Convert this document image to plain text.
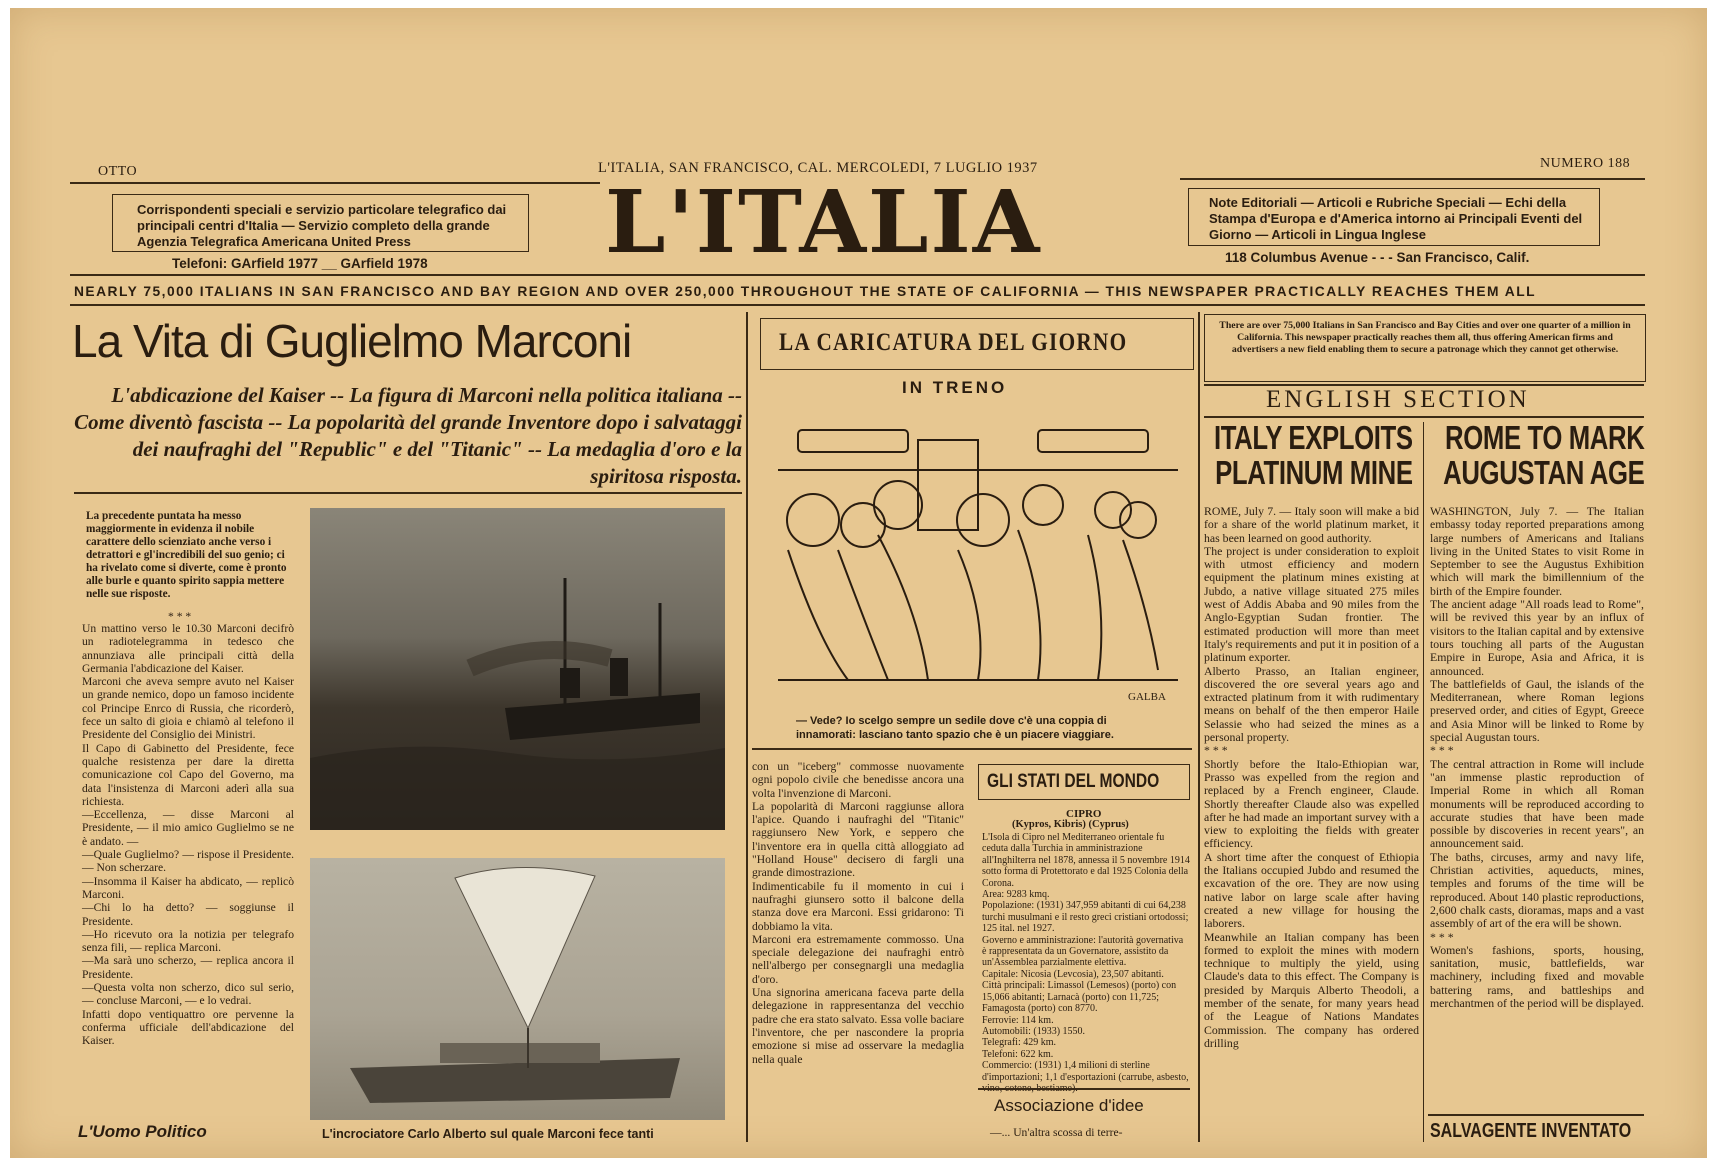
OTTO	L'ITALIA, SAN FRANCISCO, CAL. MERCOLEDI, 7 LUGLIO 1937	NUMERO 188
Corrispondenti speciali e servizio particolare telegrafico dai principali centri d'Italia — Servizio completo della grande Agenzia Telegrafica Americana United Press
Telefoni: GArfield 1977 __ GArfield 1978 L'ITALIA	Note Editoriali — Articoli e Rubriche Speciali — Echi della Stampa d'Europa e d'America intorno ai Principali Eventi del Giorno — Articoli in Lingua Inglese
118 Columbus Avenue - - - San Francisco, Calif.
NEARLY 75,000 ITALIANS IN SAN FRANCISCO AND BAY REGION AND OVER 250,000 THROUGHOUT THE STATE OF CALIFORNIA — THIS NEWSPAPER PRACTICALLY REACHES THEM ALL
La Vita di Guglielmo Marconi
L'abdicazione del Kaiser -- La figura di Marconi nella politica italiana -- Come diventò fascista -- La popolarità del grande Inventore dopo i salvataggi dei naufraghi del "Republic" e del "Titanic" -- La medaglia d'oro e la spiritosa risposta.
La precedente puntata ha messo maggiormente in evidenza il nobile carattere dello scienziato anche verso i detrattori e gl'incredibili del suo genio; ci ha rivelato come si diverte, come è pronto alle burle e quanto spirito sappia mettere nelle sue risposte.
* * *
Un mattino verso le 10.30 Marconi decifrò un radiotelegramma in tedesco che annunziava alle principali città della Germania l'abdicazione del Kaiser.
Marconi che aveva sempre avuto nel Kaiser un grande nemico, dopo un famoso incidente col Principe Enrco di Russia, che ricorderò, fece un salto di gioia e chiamò al telefono il Presidente del Consiglio dei Ministri.
Il Capo di Gabinetto del Presidente, fece qualche resistenza per dare la diretta comunicazione col Capo del Governo, ma data l'insistenza di Marconi aderì alla sua richiesta.
—Eccellenza, — disse Marconi al Presidente, — il mio amico Guglielmo se ne è andato. —
—Quale Guglielmo? — rispose il Presidente. — Non scherzare.
—Insomma il Kaiser ha abdicato, — replicò Marconi.
—Chi lo ha detto? — soggiunse il Presidente.
—Ho ricevuto ora la notizia per telegrafo senza fili, — replica Marconi.
—Ma sarà uno scherzo, — replica ancora il Presidente.
—Questa volta non scherzo, dico sul serio, — concluse Marconi, — e lo vedrai.
Infatti dopo ventiquattro ore pervenne la conferma ufficiale dell'abdicazione del Kaiser.
L'Uomo Politico	L'incrociatore Carlo Alberto sul quale Marconi fece tanti
LA CARICATURA DEL GIORNO
IN TRENO
GALBA
— Vede? Io scelgo sempre un sedile dove c'è una coppia di innamorati: lasciano tanto spazio che è un piacere viaggiare.
con un "iceberg" commosse nuovamente ogni popolo civile che benedisse ancora una volta l'invenzione di Marconi.
La popolarità di Marconi raggiunse allora l'apice. Quando i naufraghi del "Titanic" raggiunsero New York, e seppero che l'inventore era in quella città alloggiato ad "Holland House" decisero di fargli una grande dimostrazione.
Indimenticabile fu il momento in cui i naufraghi giunsero sotto il balcone della stanza dove era Marconi. Essi gridarono: Ti dobbiamo la vita.
Marconi era estremamente commosso. Una speciale delegazione dei naufraghi entrò nell'albergo per consegnargli una medaglia d'oro.
Una signorina americana faceva parte della delegazione in rappresentanza del vecchio padre che era stato salvato. Essa volle baciare l'inventore, che per nascondere la propria emozione si mise ad osservare la medaglia nella quale
GLI STATI DEL MONDO
CIPRO
(Kypros, Kibris) (Cyprus)
L'Isola di Cipro nel Mediterraneo orientale fu ceduta dalla Turchia in amministrazione all'Inghilterra nel 1878, annessa il 5 novembre 1914 sotto forma di Protettorato e dal 1925 Colonia della Corona.
Area: 9283 kmq.
Popolazione: (1931) 347,959 abitanti di cui 64,238 turchi musulmani e il resto greci cristiani ortodossi; 125 ital. nel 1927.
Governo e amministrazione: l'autorità governativa è rappresentata da un Governatore, assistito da un'Assemblea parzialmente elettiva.
Capitale: Nicosia (Levcosia), 23,507 abitanti.
Città principali: Limassol (Lemesos) (porto) con 15,066 abitanti; Larnacà (porto) con 11,725; Famagosta (porto) con 8770.
Ferrovie: 114 km.
Automobili: (1933) 1550.
Telegrafi: 429 km.
Telefoni: 622 km.
Commercio: (1931) 1,4 milioni di sterline d'importazioni; 1,1 d'esportazioni (carrube, asbesto,
Associazione d'idee
—... Un'altra scossa di terre-
There are over 75,000 Italians in San Francisco and Bay Cities and over one quarter of a million in California. This newspaper practically reaches them all, thus offering American firms and advertisers a new field enabling them to secure a patronage which they cannot get otherwise.
ENGLISH SECTION
ITALY EXPLOITS PLATINUM MINE
ROME, July 7. — Italy soon will make a bid for a share of the world platinum market, it has been learned on good authority.
The project is under consideration to exploit with utmost efficiency and modern equipment the platinum mines existing at Jubdo, a native village situated 275 miles west of Addis Ababa and 90 miles from the Anglo-Egyptian Sudan frontier. The estimated production will more than meet Italy's requirements and put it in position of a platinum exporter.
Alberto Prasso, an Italian engineer, discovered the ore several years ago and extracted platinum from it with rudimentary means on behalf of the then emperor Haile Selassie who had seized the mines as a personal property.
* * *
Shortly before the Italo-Ethiopian war, Prasso was expelled from the region and replaced by a French engineer, Claude. Shortly thereafter Claude also was expelled after he had made an important survey with a view to exploiting the fields with greater efficiency.
A short time after the conquest of Ethiopia the Italians occupied Jubdo and resumed the excavation of the ore. They are now using native labor on large scale after having created a new village for housing the laborers.
Meanwhile an Italian company has been formed to exploit the mines with modern technique to multiply the yield, using Claude's data to this effect. The Company is presided by Marquis Alberto Theodoli, a member of the senate, for many years head of the League of Nations Mandates Commission. The company has ordered drilling
ROME TO MARK AUGUSTAN AGE
WASHINGTON, July 7. — The Italian embassy today reported preparations among large numbers of Americans and Italians living in the United States to visit Rome in September to see the Augustus Exhibition which will mark the bimillennium of the birth of the Empire founder.
The ancient adage "All roads lead to Rome", will be revived this year by an influx of visitors to the Italian capital and by extensive tours touching all parts of the Augustan Empire in Europe, Asia and Africa, it is announced.
The battlefields of Gaul, the islands of the Mediterranean, where Roman legions preserved order, and cities of Egypt, Greece and Asia Minor will be linked to Rome by special Augustan tours.
* * *
The central attraction in Rome will include "an immense plastic reproduction of Imperial Rome in which all Roman monuments will be reproduced according to accurate studies that have been made possible by discoveries in recent years", an announcement said.
The baths, circuses, army and navy life, Christian activities, aqueducts, mines, temples and forums of the time will be reproduced. About 140 plastic reproductions, 2,600 chalk casts, dioramas, maps and a vast assembly of art of the era will be shown.
* * *
Women's fashions, sports, housing, sanitation, music, battlefields, war machinery, including fixed and movable battering rams, and battleships and merchantmen of the period will be displayed.
SALVAGENTE INVENTATO
